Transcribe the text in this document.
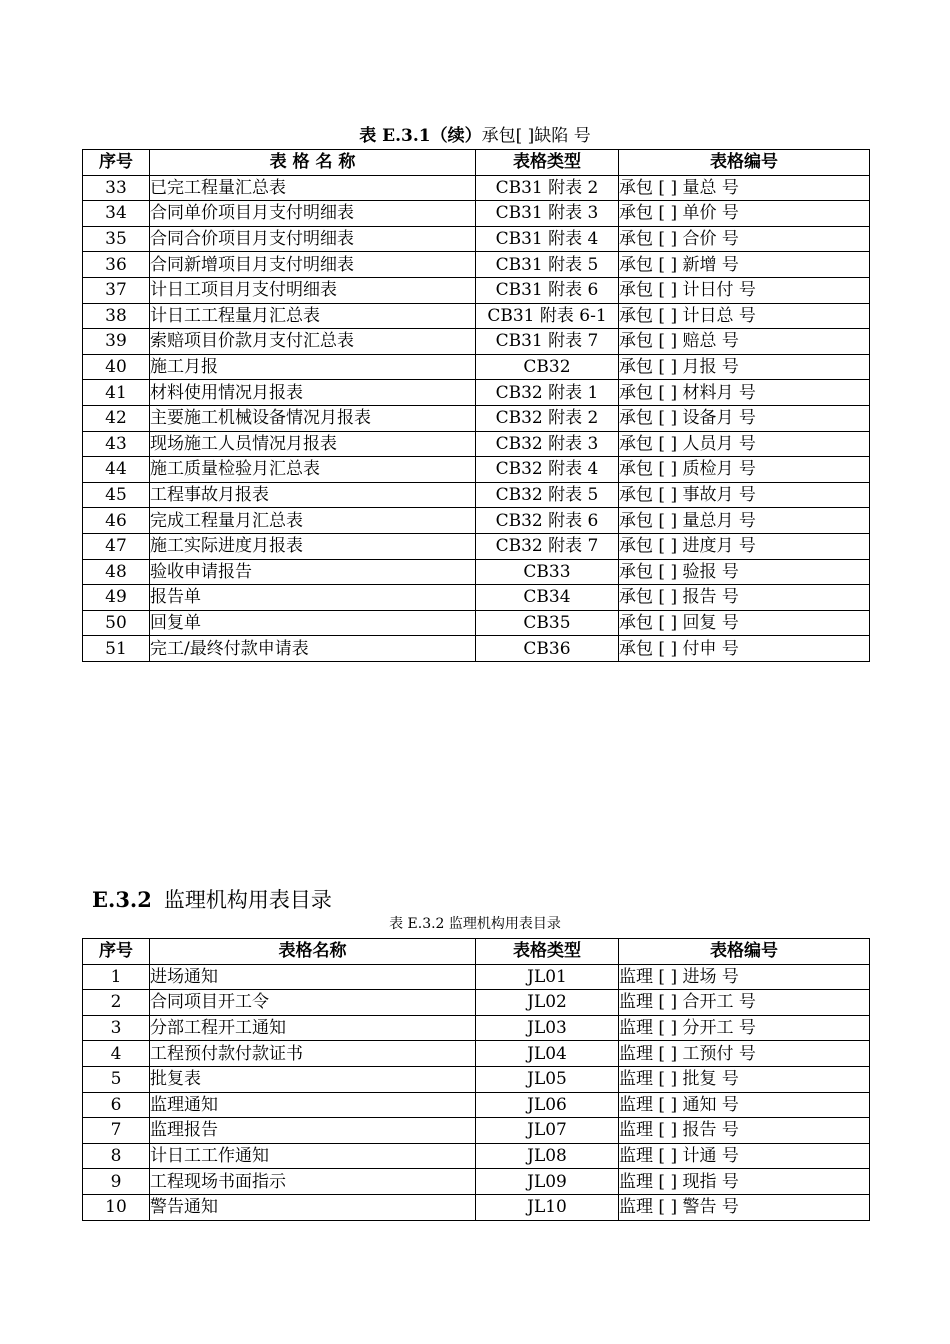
表 E.3.1（续）承包[ ]缺陷 号
序号	表 格 名 称	表格类型	表格编号
33	已完工程量汇总表	CB31 附表 2	承包 [ ] 量总 号
34	合同单价项目月支付明细表	CB31 附表 3	承包 [ ] 单价 号
35	合同合价项目月支付明细表	CB31 附表 4	承包 [ ] 合价 号
36	合同新增项目月支付明细表	CB31 附表 5	承包 [ ] 新增 号
37	计日工项目月支付明细表	CB31 附表 6	承包 [ ] 计日付 号
38	计日工工程量月汇总表	CB31 附表 6-1	承包 [ ] 计日总 号
39	索赔项目价款月支付汇总表	CB31 附表 7	承包 [ ] 赔总 号
40	施工月报	CB32	承包 [ ] 月报 号
41	材料使用情况月报表	CB32 附表 1	承包 [ ] 材料月 号
42	主要施工机械设备情况月报表	CB32 附表 2	承包 [ ] 设备月 号
43	现场施工人员情况月报表	CB32 附表 3	承包 [ ] 人员月 号
44	施工质量检验月汇总表	CB32 附表 4	承包 [ ] 质检月 号
45	工程事故月报表	CB32 附表 5	承包 [ ] 事故月 号
46	完成工程量月汇总表	CB32 附表 6	承包 [ ] 量总月 号
47	施工实际进度月报表	CB32 附表 7	承包 [ ] 进度月 号
48	验收申请报告	CB33	承包 [ ] 验报 号
49	报告单	CB34	承包 [ ] 报告 号
50	回复单	CB35	承包 [ ] 回复 号
51	完工/最终付款申请表	CB36	承包 [ ] 付申 号
E.3.2 监理机构用表目录
表 E.3.2 监理机构用表目录
序号	表格名称	表格类型	表格编号
1	进场通知	JL01	监理 [ ] 进场 号
2	合同项目开工令	JL02	监理 [ ] 合开工 号
3	分部工程开工通知	JL03	监理 [ ] 分开工 号
4	工程预付款付款证书	JL04	监理 [ ] 工预付 号
5	批复表	JL05	监理 [ ] 批复 号
6	监理通知	JL06	监理 [ ] 通知 号
7	监理报告	JL07	监理 [ ] 报告 号
8	计日工工作通知	JL08	监理 [ ] 计通 号
9	工程现场书面指示	JL09	监理 [ ] 现指 号
10	警告通知	JL10	监理 [ ] 警告 号
